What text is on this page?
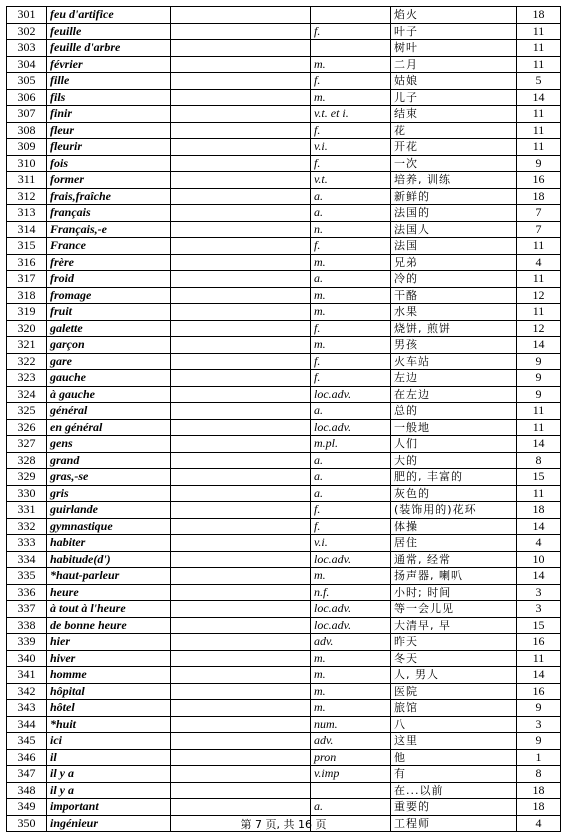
301	feu d'artifice			焰火	18
302	feuille		f.	叶子	11
303	feuille d'arbre			树叶	11
304	février		m.	二月	11
305	fille		f.	姑娘	5
306	fils		m.	儿子	14
307	finir		v.t. et i.	结束	11
308	fleur		f.	花	11
309	fleurir		v.i.	开花	11
310	fois		f.	一次	9
311	former		v.t.	培养, 训练	16
312	frais,fraîche		a.	新鲜的	18
313	français		a.	法国的	7
314	Français,-e		n.	法国人	7
315	France		f.	法国	11
316	frère		m.	兄弟	4
317	froid		a.	冷的	11
318	fromage		m.	干酪	12
319	fruit		m.	水果	11
320	galette		f.	烧饼, 煎饼	12
321	garçon		m.	男孩	14
322	gare		f.	火车站	9
323	gauche		f.	左边	9
324	à gauche		loc.adv.	在左边	9
325	général		a.	总的	11
326	en général		loc.adv.	一般地	11
327	gens		m.pl.	人们	14
328	grand		a.	大的	8
329	gras,-se		a.	肥的, 丰富的	15
330	gris		a.	灰色的	11
331	guirlande		f.	(装饰用的)花环	18
332	gymnastique		f.	体操	14
333	habiter		v.i.	居住	4
334	habitude(d')		loc.adv.	通常, 经常	10
335	*haut-parleur		m.	扬声器, 喇叭	14
336	heure		n.f.	小时; 时间	3
337	à tout à l'heure		loc.adv.	等一会儿见	3
338	de bonne heure		loc.adv.	大清早, 早	15
339	hier		adv.	昨天	16
340	hiver		m.	冬天	11
341	homme		m.	人, 男人	14
342	hôpital		m.	医院	16
343	hôtel		m.	旅馆	9
344	*huit		num.	八	3
345	ici		adv.	这里	9
346	il		pron	他	1
347	il y a		v.imp	有	8
348	il y a			在...以前	18
349	important		a.	重要的	18
350	ingénieur			工程师	4
第 7 页, 共 16 页
